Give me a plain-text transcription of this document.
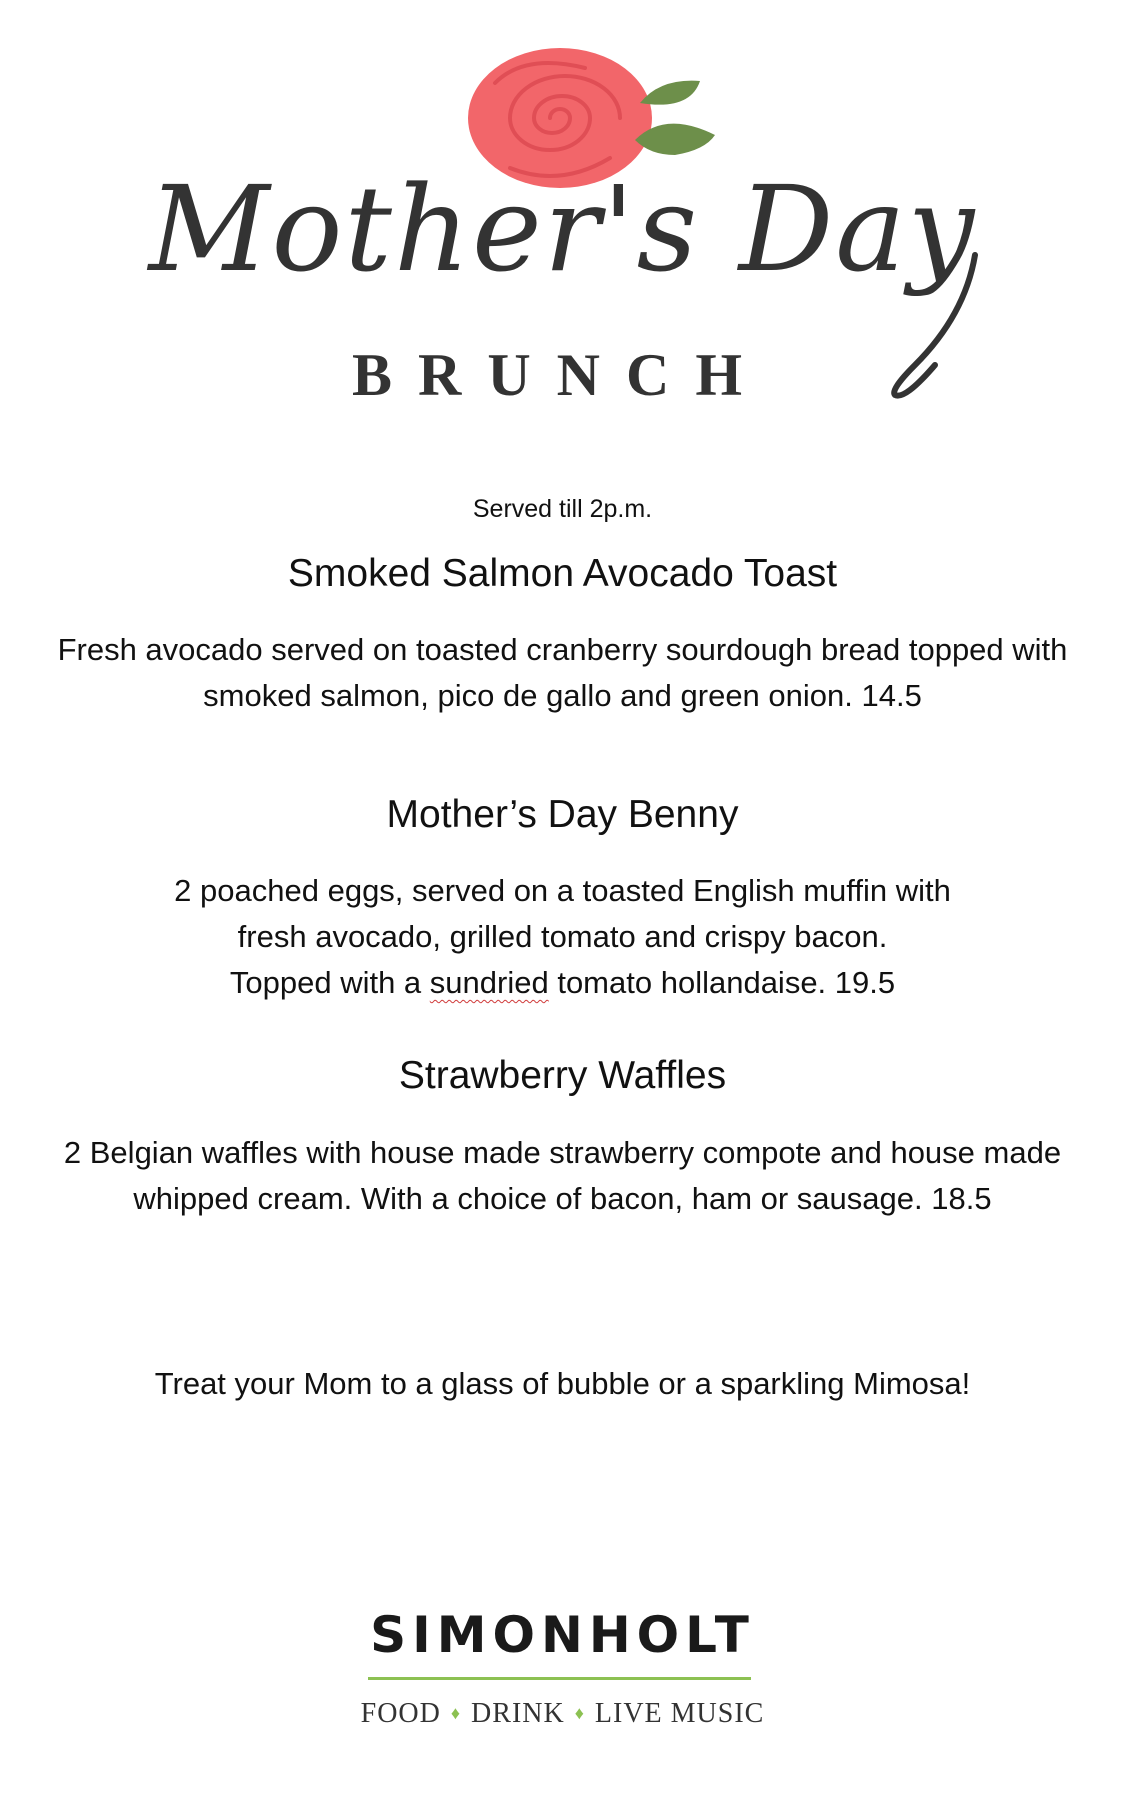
Mother's Day
BRUNCH
Served till 2p.m.
Smoked Salmon Avocado Toast
Fresh avocado served on toasted cranberry sourdough bread topped with
smoked salmon, pico de gallo and green onion. 14.5
Mother’s Day Benny
2 poached eggs, served on a toasted English muffin with
fresh avocado, grilled tomato and crispy bacon.
Topped with a sundried tomato hollandaise. 19.5
Strawberry Waffles
2 Belgian waffles with house made strawberry compote and house made
whipped cream. With a choice of bacon, ham or sausage. 18.5
Treat your Mom to a glass of bubble or a sparkling Mimosa!
SIMONHOLT
FOOD ♦ DRINK ♦ LIVE MUSIC
